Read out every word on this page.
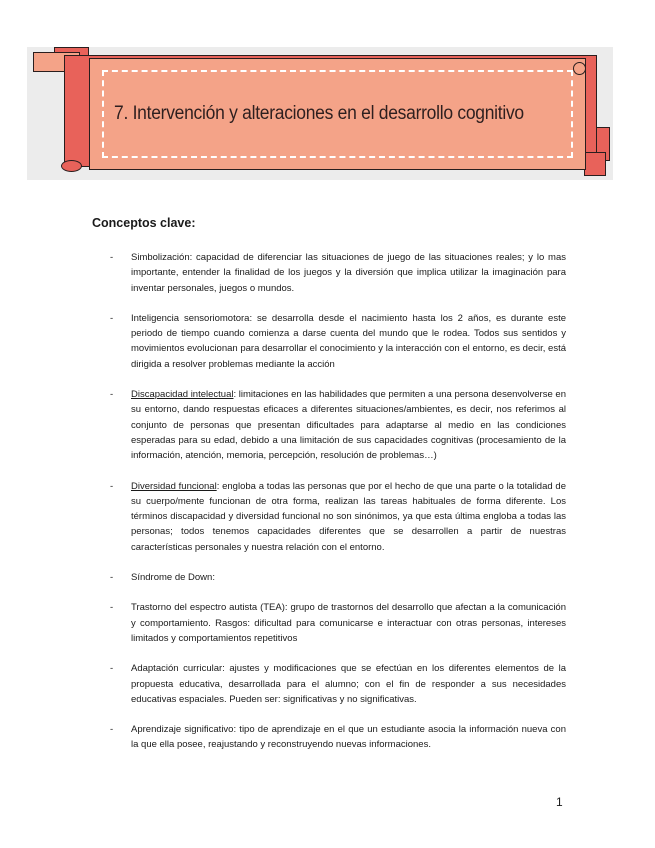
7. Intervención y alteraciones en el desarrollo cognitivo
Conceptos clave:
- Simbolización: capacidad de diferenciar las situaciones de juego de las situaciones reales; y lo mas importante, entender la finalidad de los juegos y la diversión que implica utilizar la imaginación para inventar personales, juegos o mundos.
- Inteligencia sensoriomotora: se desarrolla desde el nacimiento hasta los 2 años, es durante este periodo de tiempo cuando comienza a darse cuenta del mundo que le rodea. Todos sus sentidos y movimientos evolucionan para desarrollar el conocimiento y la interacción con el entorno, es decir, está dirigida a resolver problemas mediante la acción
- Discapacidad intelectual: limitaciones en las habilidades que permiten a una persona desenvolverse en su entorno, dando respuestas eficaces a diferentes situaciones/ambientes, es decir, nos referimos al conjunto de personas que presentan dificultades para adaptarse al medio en las condiciones esperadas para su edad, debido a una limitación de sus capacidades cognitivas (procesamiento de la información, atención, memoria, percepción, resolución de problemas…)
- Diversidad funcional: engloba a todas las personas que por el hecho de que una parte o la totalidad de su cuerpo/mente funcionan de otra forma, realizan las tareas habituales de forma diferente. Los términos discapacidad y diversidad funcional no son sinónimos, ya que esta última engloba a todas las personas; todos tenemos capacidades diferentes que se desarrollen a partir de nuestras características personales y nuestra relación con el entorno.
- Síndrome de Down:
- Trastorno del espectro autista (TEA): grupo de trastornos del desarrollo que afectan a la comunicación y comportamiento. Rasgos: dificultad para comunicarse e interactuar con otras personas, intereses limitados y comportamientos repetitivos
- Adaptación curricular: ajustes y modificaciones que se efectúan en los diferentes elementos de la propuesta educativa, desarrollada para el alumno; con el fin de responder a sus necesidades educativas espaciales. Pueden ser: significativas y no significativas.
- Aprendizaje significativo: tipo de aprendizaje en el que un estudiante asocia la información nueva con la que ella posee, reajustando y reconstruyendo nuevas informaciones.
1
